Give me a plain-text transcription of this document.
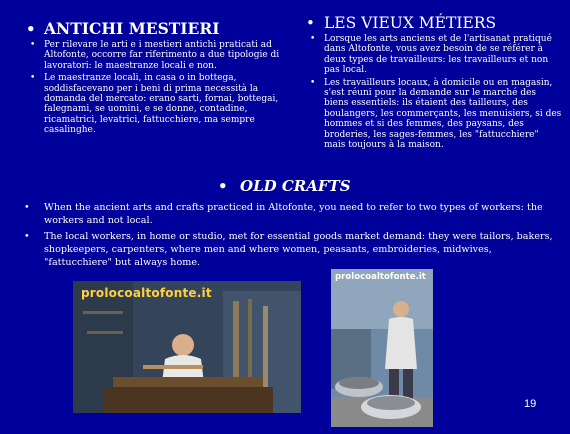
• ANTICHI MESTIERI
• Per rilevare le arti e i mestieri antichi praticati ad Altofonte, occorre far riferimento a due tipologie di lavoratori: le maestranze locali e non.
• Le maestranze locali, in casa o in bottega, soddisfacevano per i beni di prima necessità la domanda del mercato: erano sarti, fornai, bottegai, falegnami, se uomini, e se donne, contadine, ricamatrici, levatrici, fattucchiere, ma sempre casalinghe.
• LES VIEUX MÉTIERS
• Lorsque les arts anciens et de l'artisanat pratiqué dans Altofonte, vous avez besoin de se référer à deux types de travailleurs: les travailleurs et non pas local.
• Les travailleurs locaux, à domicile ou en magasin, s'est réuni pour la demande sur le marché des biens essentiels: ils étaient des tailleurs, des boulangers, les commerçants, les menuisiers, si des hommes et si des femmes, des paysans, des broderies, les sages-femmes, les "fattucchiere" mais toujours à la maison.
• OLD CRAFTS
• When the ancient arts and crafts practiced in Altofonte, you need to refer to two types of workers: the workers and not local.
• The local workers, in home or studio, met for essential goods market demand: they were tailors, bakers, shopkeepers, carpenters, where men and where women, peasants, embroideries, midwives, "fattucchiere" but always home.
prolocoaltofonte.it
prolocoaltofonte.it
19
